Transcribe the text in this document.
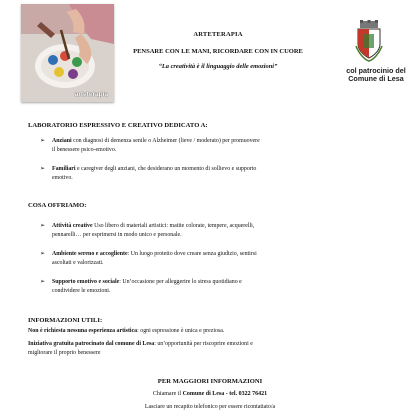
arteterapia
ARTETERAPIA
PENSARE CON LE MANI, RICORDARE CON IN CUORE
“La creatività è il linguaggio delle emozioni”	col patrocinio del
Comune di Lesa
LABORATORIO ESPRESSIVO E CREATIVO DEDICATO A:
➢ Anziani con diagnosi di demenza senile o Alzheimer (lieve / moderato) per promuovere
il benessere psico-emotivo.
➢ Familiari e caregiver degli anziani, che desiderano un momento di sollievo e supporto
emotivo.
COSA OFFRIAMO:
➢ Attività creative Uso libero di materiali artistici: matite colorate, tempere, acquerelli,
pennarelli… per esprimersi in modo unico e personale.
➢ Ambiente sereno e accogliente: Un luogo protetto dove creare senza giudizio, sentirsi
ascoltati e valorizzati.
➢ Supporto emotivo e sociale: Un’occasione per alleggerire lo stress quotidiano e
condividere le emozioni.
INFORMAZIONI UTILI:
Non è richiesta nessuna esperienza artistica: ogni espressione è unica e preziosa.
Iniziativa gratuita patrocinato dal comune di Lesa: un’opportunità per riscoprire emozioni e
migliorare il proprio benessere
PER MAGGIORI INFORMAZIONI
Chiamare il Comune di Lesa - tel. 0322 76421
Lasciare un recapito telefonico per essere ricontattato/a
